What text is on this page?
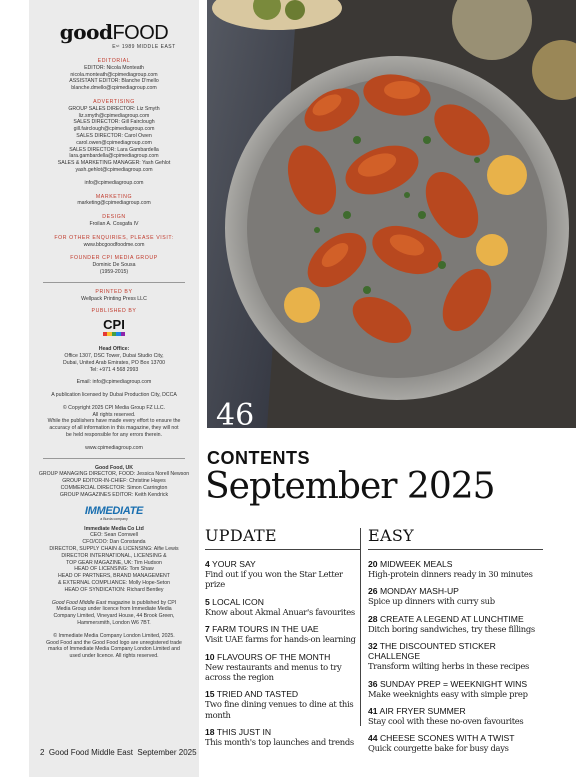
goodFOOD
Eˢᵗ 1989 MIDDLE EAST
EDITORIAL
EDITOR: Nicola Monteath
nicola.monteath@cpimediagroup.com
ASSISTANT EDITOR: Blanche D'mello
blanche.dmello@cpimediagroup.com
ADVERTISING
GROUP SALES DIRECTOR: Liz Smyth
liz.smyth@cpimediagroup.com
SALES DIRECTOR: Gill Fairclough
gill.fairclough@cpimediagroup.com
SALES DIRECTOR: Carol Owen
carol.owen@cpimediagroup.com
SALES DIRECTOR: Lara Gambardella
lara.gambardella@cpimediagroup.com
SALES & MARKETING MANAGER: Yash Gehlot
yash.gehlot@cpimediagroup.com
info@cpimediagroup.com
MARKETING
marketing@cpimediagroup.com
DESIGN
Froilan A. Cosgafa IV
FOR OTHER ENQUIRIES, PLEASE VISIT:
www.bbcgoodfoodme.com
FOUNDER CPI MEDIA GROUP
Dominic De Sousa
(1959-2015)
PRINTED BY
Wellpack Printing Press LLC
PUBLISHED BY
CPI
Head Office:
Office 1307, DSC Tower, Dubai Studio City,
Dubai, United Arab Emirates, PO Box 13700
Tel: +971 4 568 2993
Email: info@cpimediagroup.com
A publication licensed by Dubai Production City, DCCA
© Copyright 2025 CPI Media Group FZ LLC.
All rights reserved.
While the publishers have made every effort to ensure the
accuracy of all information in this magazine, they will not
be held responsible for any errors therein.
www.cpimediagroup.com
Good Food, UK
GROUP MANAGING DIRECTOR, FOOD: Jessica Norell Newson
GROUP EDITOR-IN-CHIEF: Christine Hayes
COMMERCIAL DIRECTOR: Simon Carrington
GROUP MAGAZINES EDITOR: Keith Kendrick
IMMEDIATE
a Burda company
Immediate Media Co Ltd
CEO: Sean Cornwell
CFO/COO: Dan Constanda
DIRECTOR, SUPPLY CHAIN & LICENSING: Alfie Lewis
DIRECTOR INTERNATIONAL, LICENSING &
TOP GEAR MAGAZINE, UK: Tim Hudson
HEAD OF LICENSING: Tom Shaw
HEAD OF PARTNERS, BRAND MANAGEMENT
& EXTERNAL COMPLIANCE: Molly Hope-Seton
HEAD OF SYNDICATION: Richard Bentley
Good Food Middle East magazine is published by CPI
Media Group under licence from Immediate Media
Company Limited, Vineyard House, 44 Brook Green,
Hammersmith, London W6 7BT.
© Immediate Media Company London Limited, 2025.
Good Food and the Good Food logo are unregistered trade
marks of Immediate Media Company London Limited and
used under licence. All rights reserved.
2 Good Food Middle East September 2025
46
CONTENTS
September 2025
UPDATE
4 YOUR SAY
Find out if you won the Star Letter prize
5 LOCAL ICON
Know about Akmal Anuar's favourites
7 FARM TOURS IN THE UAE
Visit UAE farms for hands-on learning
10 FLAVOURS OF THE MONTH
New restaurants and menus to try across the region
15 TRIED AND TASTED
Two fine dining venues to dine at this month
18 THIS JUST IN
This month's top launches and trends
EASY
20 MIDWEEK MEALS
High-protein dinners ready in 30 minutes
26 MONDAY MASH-UP
Spice up dinners with curry sub
28 CREATE A LEGEND AT LUNCHTIME
Ditch boring sandwiches, try these fillings
32 THE DISCOUNTED STICKER CHALLENGE
Transform wilting herbs in these recipes
36 SUNDAY PREP = WEEKNIGHT WINS
Make weeknights easy with simple prep
41 AIR FRYER SUMMER
Stay cool with these no-oven favourites
44 CHEESE SCONES WITH A TWIST
Quick courgette bake for busy days
